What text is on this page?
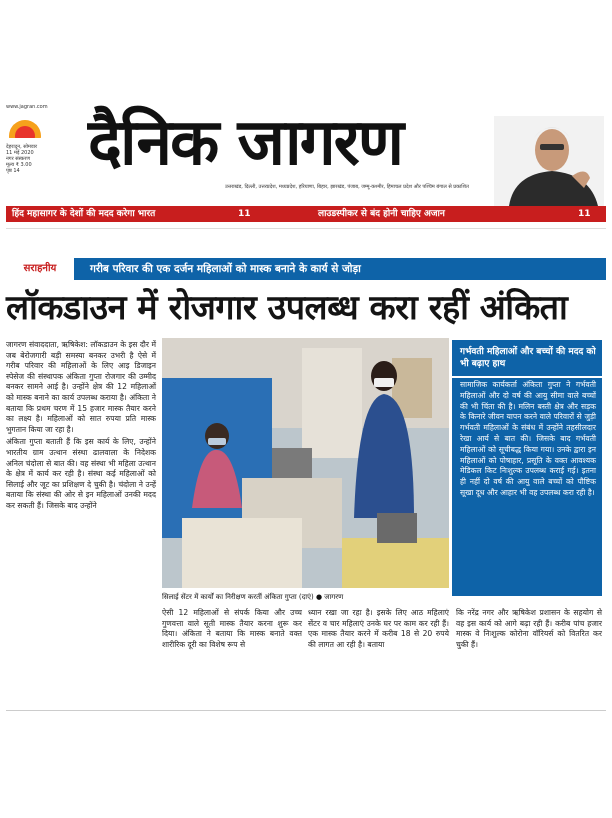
www.jagran.com
देहरादून, सोमवार
11 मई 2020
नगर संस्करण
मूल्य ₹ 3.00
पृष्ठ 14	दैनिक जागरण
उत्तराखंड, दिल्ली, उत्तरप्रदेश, मध्यप्रदेश, हरियाणा, बिहार, झारखंड, पंजाब, जम्मू-कश्मीर, हिमाचल प्रदेश और पश्चिम बंगाल से प्रकाशित
हिंद महासागर के देशों की मदद करेगा भारत	11	लाउडस्पीकर से बंद होनी चाहिए अजान	11
सराहनीय	गरीब परिवार की एक दर्जन महिलाओं को मास्क बनाने के कार्य से जोड़ा
लॉकडाउन में रोजगार उपलब्ध करा रहीं अंकिता

जागरण संवाददाता, ऋषिकेश: लॉकडाउन के इस दौर में जब बेरोजगारी बड़ी समस्या बनकर उभरी है ऐसे में गरीब परिवार की महिलाओं के लिए आइ डिजाइन स्पेसेज की संस्थापक अंकिता गुप्ता रोजगार की उम्मीद बनकर सामने आई है। उन्होंने क्षेत्र की 12 महिलाओं को मास्क बनाने का कार्य उपलब्ध कराया है। अंकिता ने बताया कि प्रथम चरण में 15 हजार मास्क तैयार करने का लक्ष्य है। महिलाओं को सात रुपया प्रति मास्क भुगतान किया जा रहा है।

अंकिता गुप्ता बताती हैं कि इस कार्य के लिए, उन्होंने भारतीय ग्राम उत्थान संस्था ढालवाला के निदेशक अनिल चंदोला से बात की। वह संस्था भी महिला उत्थान के क्षेत्र में कार्य कर रही है। संस्था कई महिलाओं को सिलाई और जूट का प्रशिक्षण दे चुकी है। चंदोला ने उन्हें बताया कि संस्था की ओर से इन महिलाओं उनकी मदद कर सकती हैं। जिसके बाद उन्होंने

सिलाई सेंटर में कार्यों का निरीक्षण करतीं अंकिता गुप्ता (दाएं) ● जागरण
ऐसी 12 महिलाओं से संपर्क किया और उच्च गुणवत्ता वाले सूती मास्क तैयार करना शुरू कर दिया। अंकिता ने बताया कि मास्क बनाते वक्त शारीरिक दूरी का विशेष रूप से
ध्यान रखा जा रहा है। इसके लिए आठ महिलाएं सेंटर व चार महिलाएं उनके घर पर काम कर रही हैं। एक मास्क तैयार करने में करीब 18 से 20 रुपये की लागत आ रही है। बताया
कि नरेंद्र नगर और ऋषिकेश प्रशासन के सहयोग से वह इस कार्य को आगे बढ़ा रही हैं। करीब पांच हजार मास्क वे निःशुल्क कोरोना वॉरियर्स को वितरित कर चुकी हैं।
गर्भवती महिलाओं और बच्चों की मदद को भी बढ़ाए हाथ
सामाजिक कार्यकर्ता अंकिता गुप्ता ने गर्भवती महिलाओं और दो वर्ष की आयु सीमा वाले बच्चों की भी चिंता की है। मलिन बस्ती क्षेत्र और सड़क के किनारे जीवन यापन करने वाले परिवारों से जुड़ी गर्भवती महिलाओं के संबंध में उन्होंने तहसीलदार रेखा आर्य से बात की। जिसके बाद गर्भवती महिलाओं को सूचीबद्ध किया गया। उनके द्वारा इन महिलाओं को पोषाहार, प्रसूति के वक्त आवश्यक मेडिकल किट निःशुल्क उपलब्ध कराई गई। इतना ही नहीं दो वर्ष की आयु वाले बच्चों को पौष्टिक सूखा दूध और आहार भी वह उपलब्ध करा रही है।
